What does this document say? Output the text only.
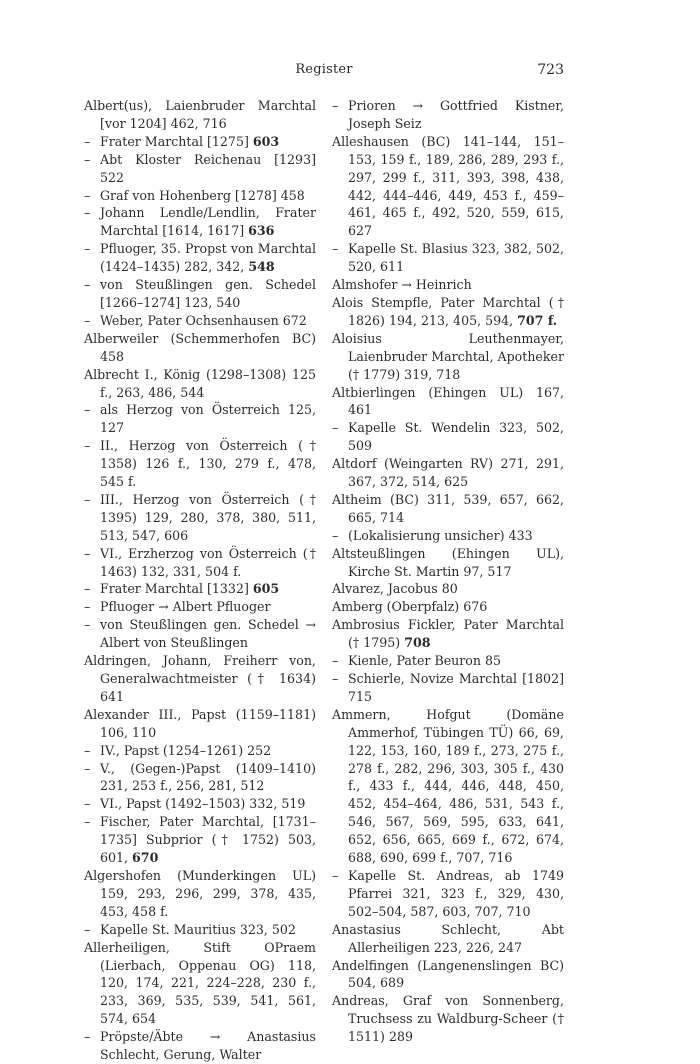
Register	723
Albert(us), Laienbruder Marchtal [vor 1204] 462, 716
– Frater Marchtal [1275] 603
– Abt Kloster Reichenau [1293] 522
– Graf von Hohenberg [1278] 458
– Johann Lendle/Lendlin, Frater Marchtal [1614, 1617] 636
– Pfluoger, 35. Propst von Marchtal (1424–1435) 282, 342, 548
– von Steußlingen gen. Schedel [1266–1274] 123, 540
– Weber, Pater Ochsenhausen 672
Alberweiler (Schemmerhofen BC) 458
Albrecht I., König (1298–1308) 125 f., 263, 486, 544
– als Herzog von Österreich 125, 127
– II., Herzog von Österreich († 1358) 126 f., 130, 279 f., 478, 545 f.
– III., Herzog von Österreich († 1395) 129, 280, 378, 380, 511, 513, 547, 606
– VI., Erzherzog von Österreich († 1463) 132, 331, 504 f.
– Frater Marchtal [1332] 605
– Pfluoger → Albert Pfluoger
– von Steußlingen gen. Schedel → Albert von Steußlingen
Aldringen, Johann, Freiherr von, Generalwachtmeister († 1634) 641
Alexander III., Papst (1159–1181) 106, 110
– IV., Papst (1254–1261) 252
– V., (Gegen-)Papst (1409–1410) 231, 253 f., 256, 281, 512
– VI., Papst (1492–1503) 332, 519
– Fischer, Pater Marchtal, [1731–1735] Subprior († 1752) 503, 601, 670
Algershofen (Munderkingen UL) 159, 293, 296, 299, 378, 435, 453, 458 f.
– Kapelle St. Mauritius 323, 502
Allerheiligen, Stift OPraem (Lierbach, Oppenau OG) 118, 120, 174, 221, 224–228, 230 f., 233, 369, 535, 539, 541, 561, 574, 654
– Pröpste/Äbte → Anastasius Schlecht, Gerung, Walter
– Prioren → Gottfried Kistner, Joseph Seiz
Alleshausen (BC) 141–144, 151–153, 159 f., 189, 286, 289, 293 f., 297, 299 f., 311, 393, 398, 438, 442, 444–446, 449, 453 f., 459–461, 465 f., 492, 520, 559, 615, 627
– Kapelle St. Blasius 323, 382, 502, 520, 611
Almshofer → Heinrich
Alois Stempfle, Pater Marchtal († 1826) 194, 213, 405, 594, 707 f.
Aloisius Leuthenmayer, Laienbruder Marchtal, Apotheker († 1779) 319, 718
Altbierlingen (Ehingen UL) 167, 461
– Kapelle St. Wendelin 323, 502, 509
Altdorf (Weingarten RV) 271, 291, 367, 372, 514, 625
Altheim (BC) 311, 539, 657, 662, 665, 714
– (Lokalisierung unsicher) 433
Altsteußlingen (Ehingen UL), Kirche St. Martin 97, 517
Alvarez, Jacobus 80
Amberg (Oberpfalz) 676
Ambrosius Fickler, Pater Marchtal († 1795) 708
– Kienle, Pater Beuron 85
– Schierle, Novize Marchtal [1802] 715
Ammern, Hofgut (Domäne Ammerhof, Tübingen TÜ) 66, 69, 122, 153, 160, 189 f., 273, 275 f., 278 f., 282, 296, 303, 305 f., 430 f., 433 f., 444, 446, 448, 450, 452, 454–464, 486, 531, 543 f., 546, 567, 569, 595, 633, 641, 652, 656, 665, 669 f., 672, 674, 688, 690, 699 f., 707, 716
– Kapelle St. Andreas, ab 1749 Pfarrei 321, 323 f., 329, 430, 502–504, 587, 603, 707, 710
Anastasius Schlecht, Abt Allerheiligen 223, 226, 247
Andelfingen (Langenenslingen BC) 504, 689
Andreas, Graf von Sonnenberg, Truchsess zu Waldburg-Scheer († 1511) 289
